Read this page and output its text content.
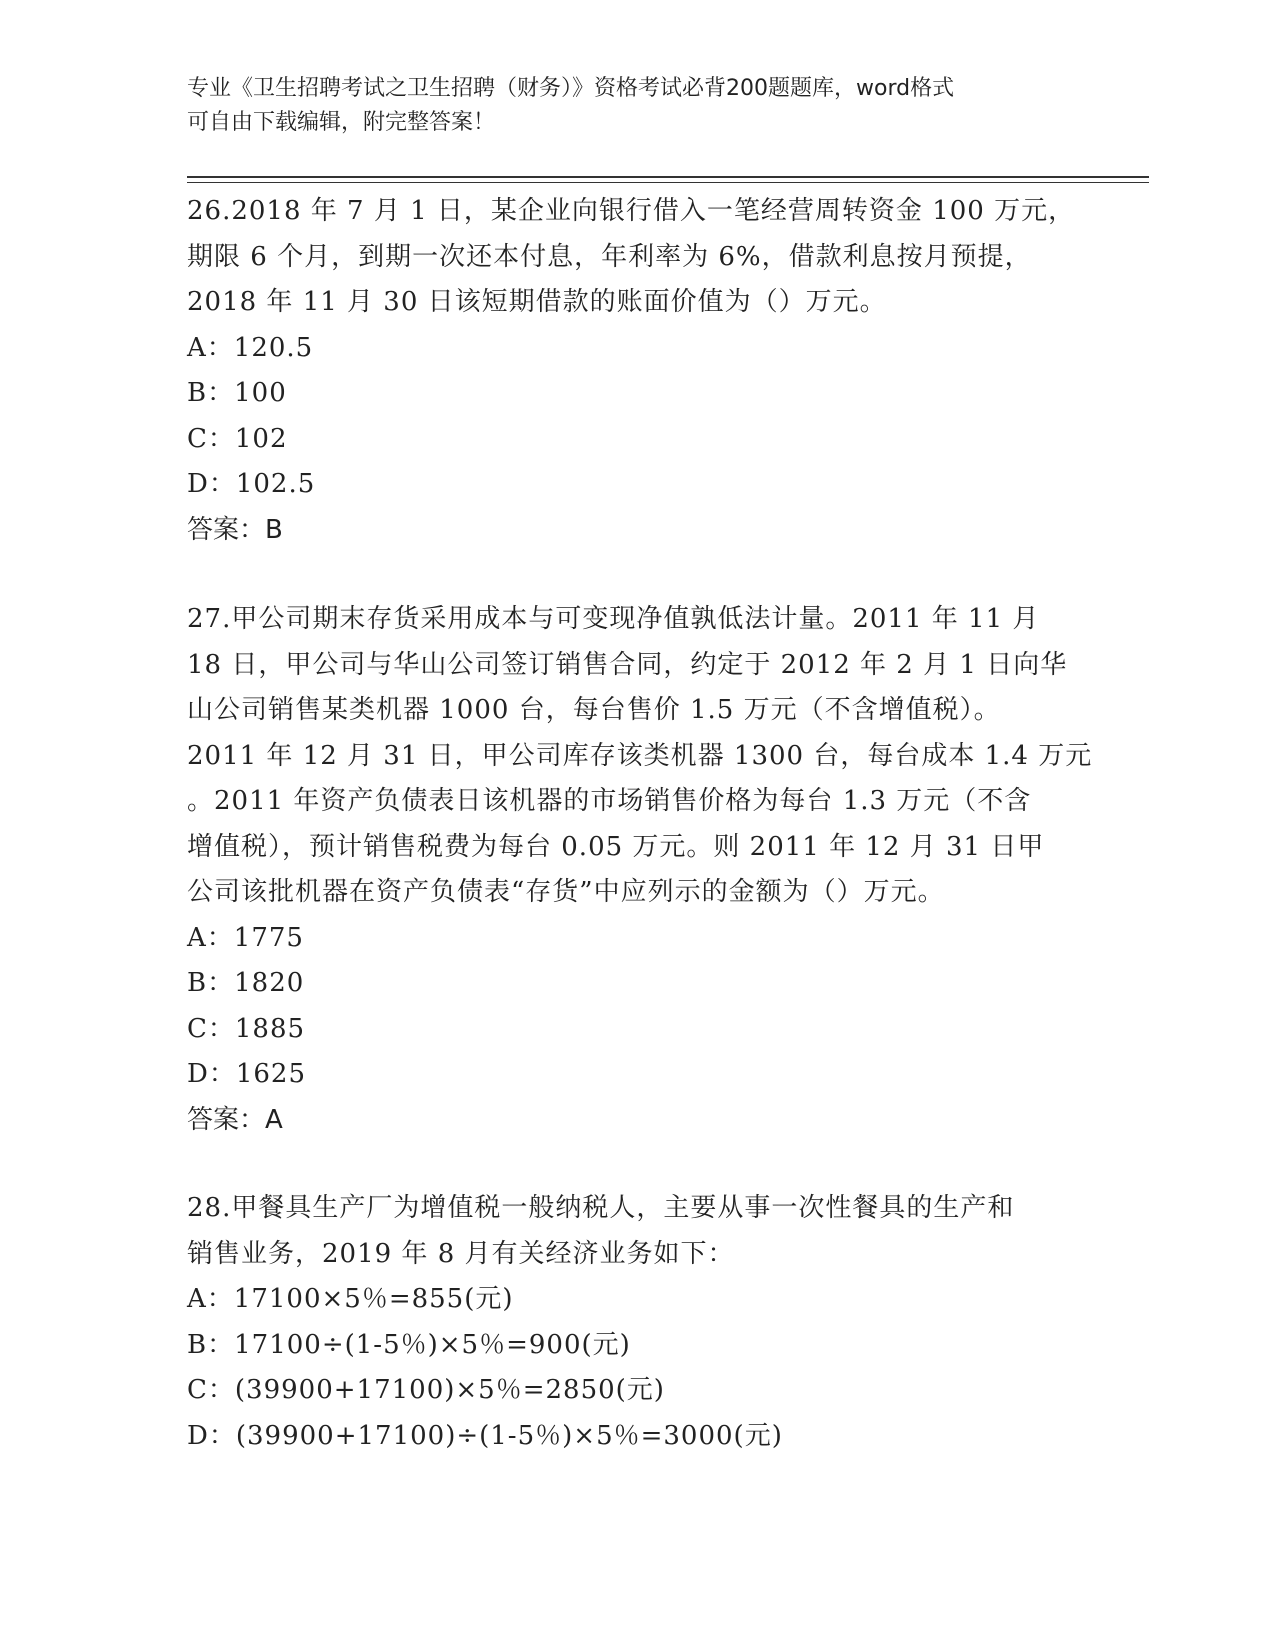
专业《卫生招聘考试之卫生招聘（财务）》资格考试必背200题题库，word格式
可自由下载编辑，附完整答案！
26.2018 年 7 月 1 日，某企业向银行借入一笔经营周转资金 100 万元，
期限 6 个月，到期一次还本付息，年利率为 6%，借款利息按月预提，
2018 年 11 月 30 日该短期借款的账面价值为（）万元。
A：120.5
B：100
C：102
D：102.5
答案：B
27.甲公司期末存货采用成本与可变现净值孰低法计量。2011 年 11 月
18 日，甲公司与华山公司签订销售合同，约定于 2012 年 2 月 1 日向华
山公司销售某类机器 1000 台，每台售价 1.5 万元（不含增值税）。
2011 年 12 月 31 日，甲公司库存该类机器 1300 台，每台成本 1.4 万元
。2011 年资产负债表日该机器的市场销售价格为每台 1.3 万元（不含
增值税），预计销售税费为每台 0.05 万元。则 2011 年 12 月 31 日甲
公司该批机器在资产负债表“存货”中应列示的金额为（）万元。
A：1775
B：1820
C：1885
D：1625
答案：A
28.甲餐具生产厂为增值税一般纳税人，主要从事一次性餐具的生产和
销售业务，2019 年 8 月有关经济业务如下：
A：17100×5％=855(元)
B：17100÷(1-5％)×5％=900(元)
C：(39900+17100)×5％=2850(元)
D：(39900+17100)÷(1-5％)×5％=3000(元)
